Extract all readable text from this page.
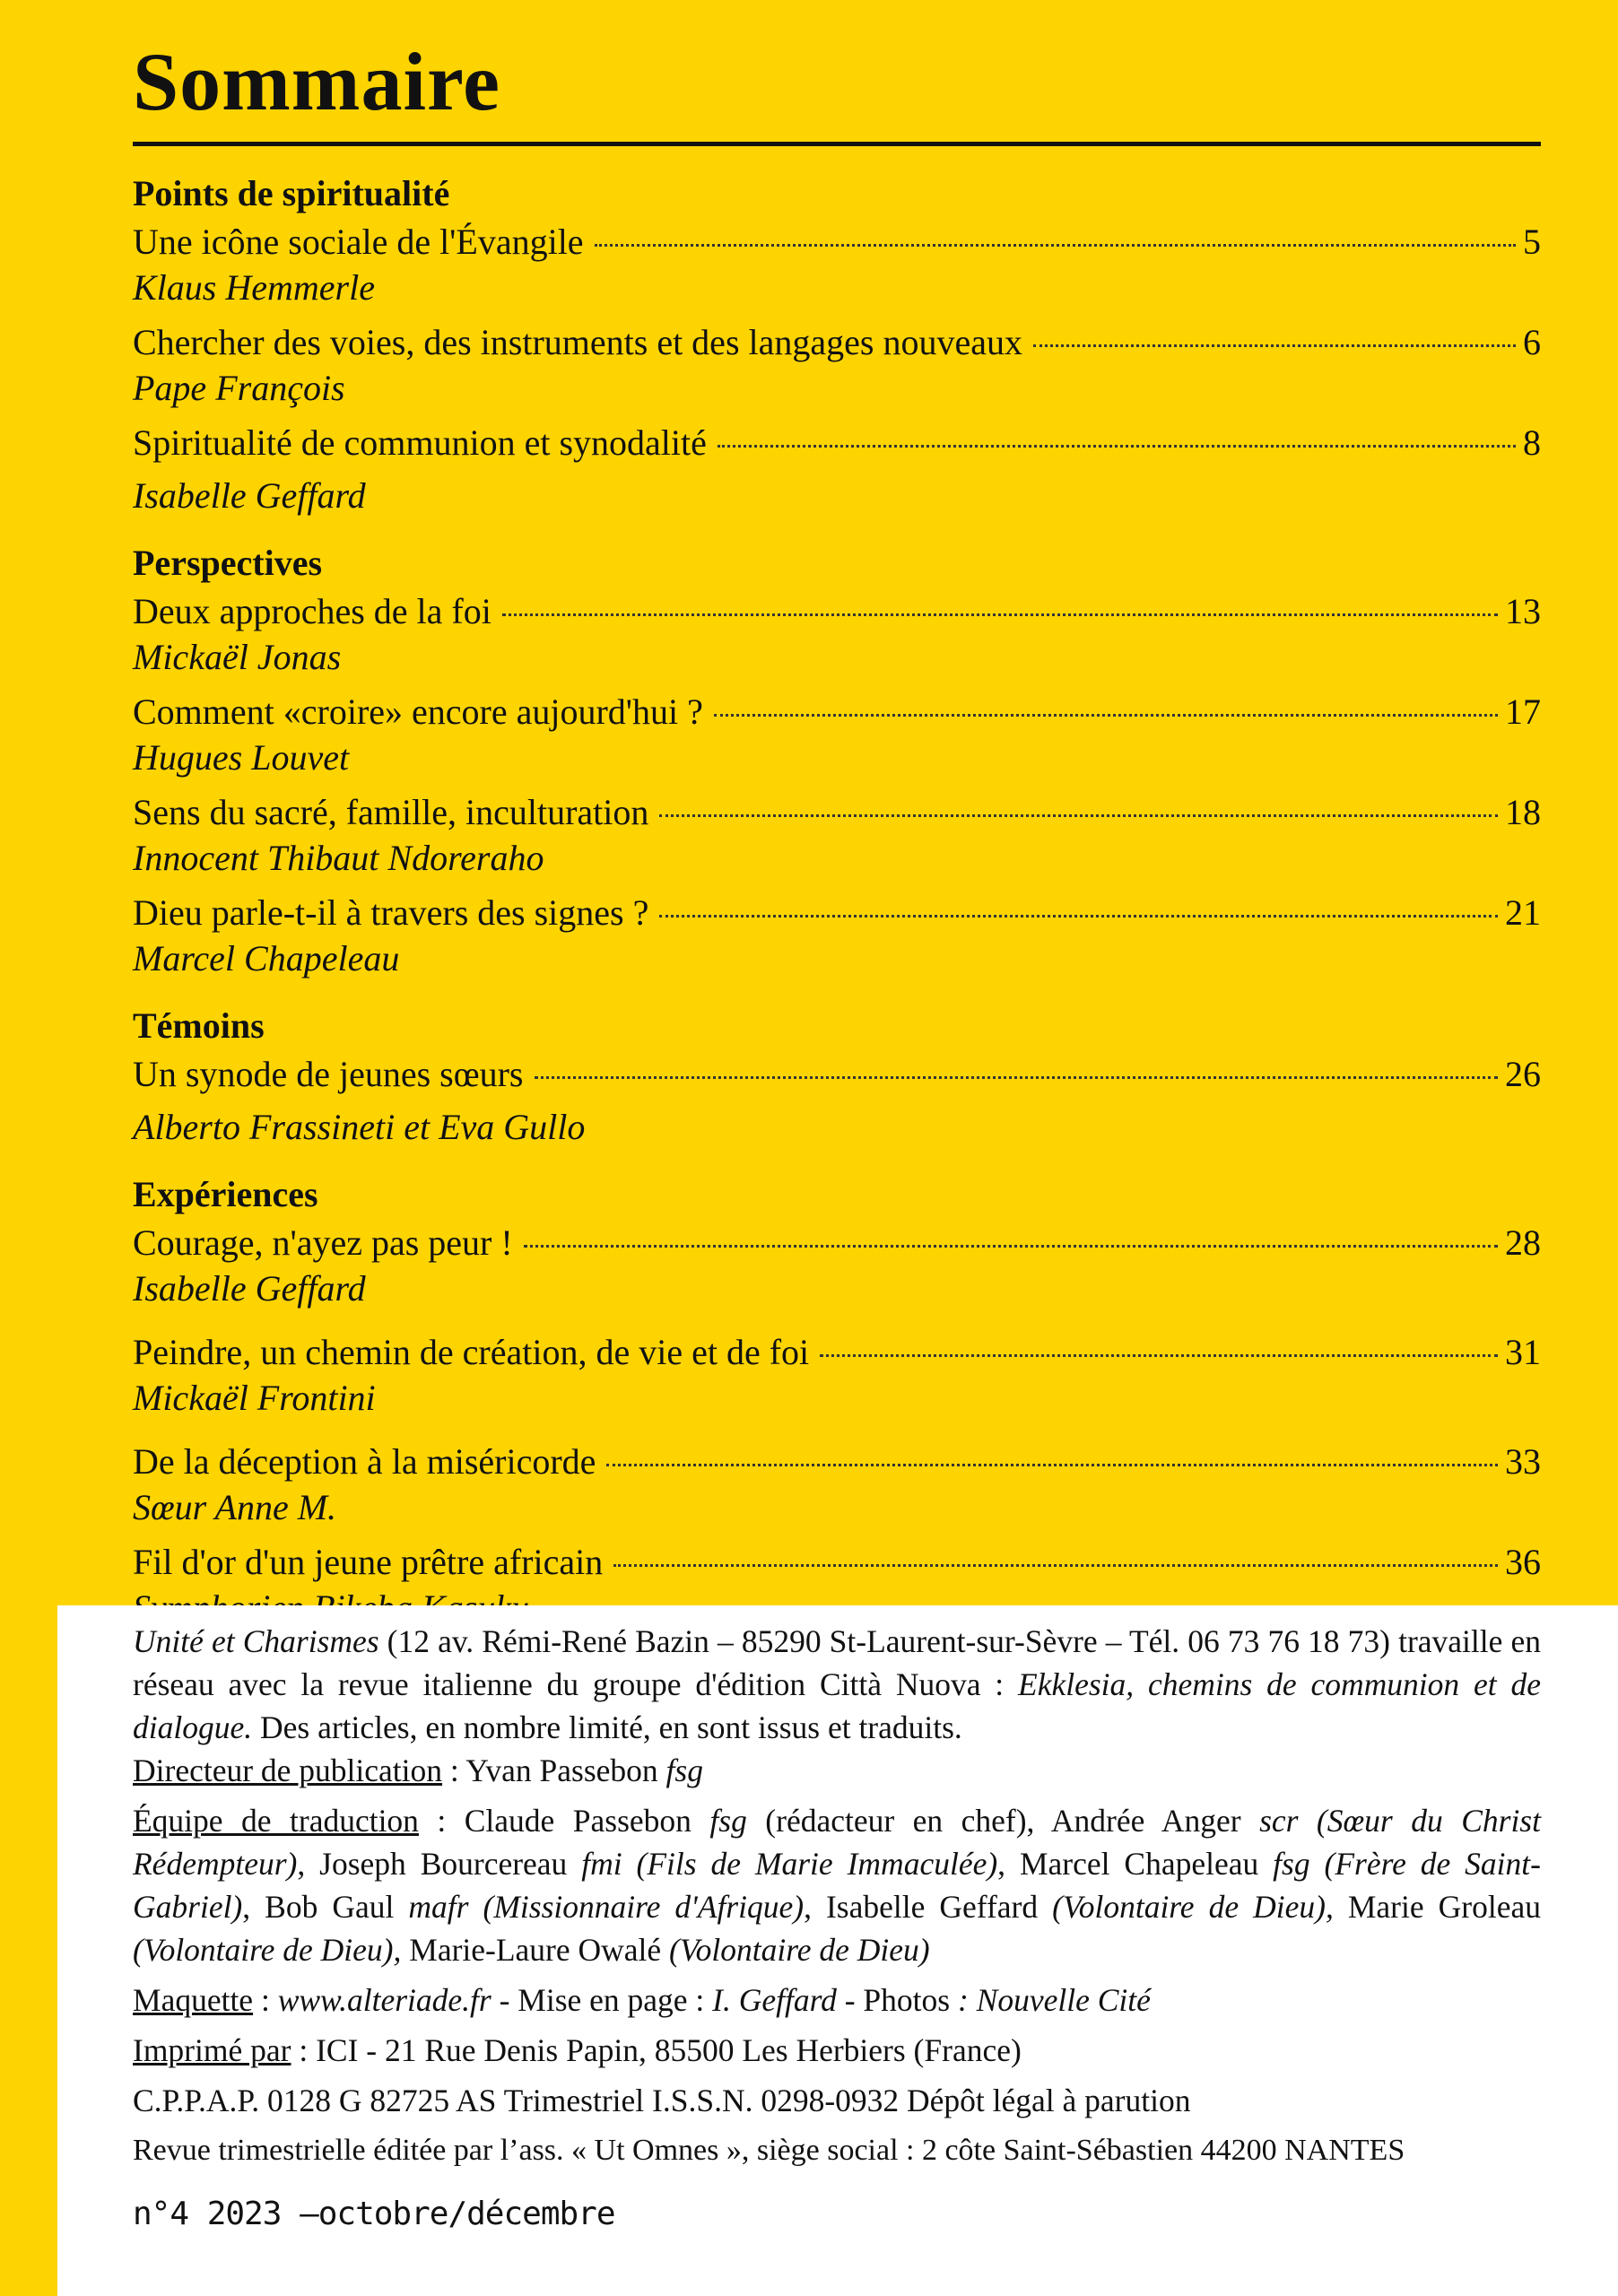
Sommaire
Points de spiritualité
Une icône sociale de l'Évangile	5
Klaus Hemmerle
Chercher des voies, des instruments et des langages nouveaux	6
Pape François
Spiritualité de communion et synodalité	8
Isabelle Geffard
Perspectives
Deux approches de la foi	13
Mickaël Jonas
Comment «croire» encore aujourd'hui ?	17
Hugues Louvet
Sens du sacré, famille, inculturation	18
Innocent Thibaut Ndorerahо
Dieu parle-t-il à travers des signes ?	21
Marcel Chapeleau
Témoins
Un synode de jeunes sœurs	26
Alberto Frassineti et Eva Gullo
Expériences
Courage, n'ayez pas peur !	28
Isabelle Geffard
Peindre, un chemin de création, de vie et de foi	31
Mickaël Frontini
De la déception à la miséricorde	33
Sœur Anne M.
Fil d'or d'un jeune prêtre africain	36

Unité et Charismes (12 av. Rémi-René Bazin – 85290 St-Laurent-sur-Sèvre – Tél. 06 73 76 18 73) travaille en réseau avec la revue italienne du groupe d'édition Città Nuova : Ekklesia, chemins de communion et de dialogue. Des articles, en nombre limité, en sont issus et traduits.

Directeur de publication : Yvan Passebon fsg

Équipe de traduction : Claude Passebon fsg (rédacteur en chef), Andrée Anger scr (Sœur du Christ Rédempteur), Joseph Bourcereau fmi (Fils de Marie Immaculée), Marcel Chapeleau fsg (Frère de Saint- Gabriel), Bob Gaul mafr (Missionnaire d'Afrique), Isabelle Geffard (Volontaire de Dieu), Marie Groleau (Volontaire de Dieu), Marie-Laure Owalé (Volontaire de Dieu)

Maquette : www.alteriade.fr - Mise en page : I. Geffard - Photos : Nouvelle Cité

Imprimé par : ICI - 21 Rue Denis Papin, 85500 Les Herbiers (France)

C.P.P.A.P. 0128 G 82725 AS Trimestriel I.S.S.N. 0298-0932 Dépôt légal à parution

Revue trimestrielle éditée par l’ass. « Ut Omnes », siège social : 2 côte Saint-Sébastien 44200 NANTES

n°4 2023 –octobre/décembre
